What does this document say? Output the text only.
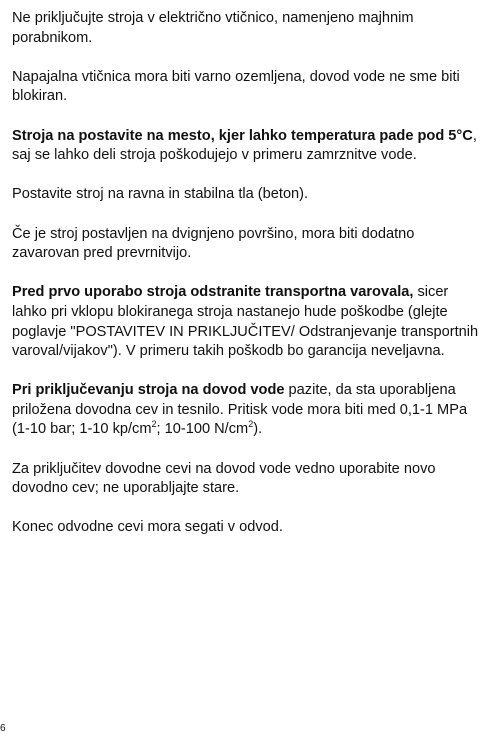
Ne priključujte stroja v električno vtičnico, namenjeno majhnim porabnikom.

Napajalna vtičnica mora biti varno ozemljena, dovod vode ne sme biti blokiran.

Stroja na postavite na mesto, kjer lahko temperatura pade pod 5°C, saj se lahko deli stroja poškodujejo v primeru zamrznitve vode.

Postavite stroj na ravna in stabilna tla (beton).

Če je stroj postavljen na dvignjeno površino, mora biti dodatno zavarovan pred prevrnitvijo.

Pred prvo uporabo stroja odstranite transportna varovala, sicer lahko pri vklopu blokiranega stroja nastanejo hude poškodbe (glejte poglavje "POSTAVITEV IN PRIKLJUČITEV/ Odstranjevanje transportnih varoval/vijakov"). V primeru takih poškodb bo garancija neveljavna.

Pri priključevanju stroja na dovod vode pazite, da sta uporabljena priložena dovodna cev in tesnilo. Pritisk vode mora biti med 0,1-1 MPa (1-10 bar; 1-10 $kp/cm^2$; 10-100 $N/cm^2$).

Za priključitev dovodne cevi na dovod vode vedno uporabite novo dovodno cev; ne uporabljajte stare.

Konec odvodne cevi mora segati v odvod.

6
